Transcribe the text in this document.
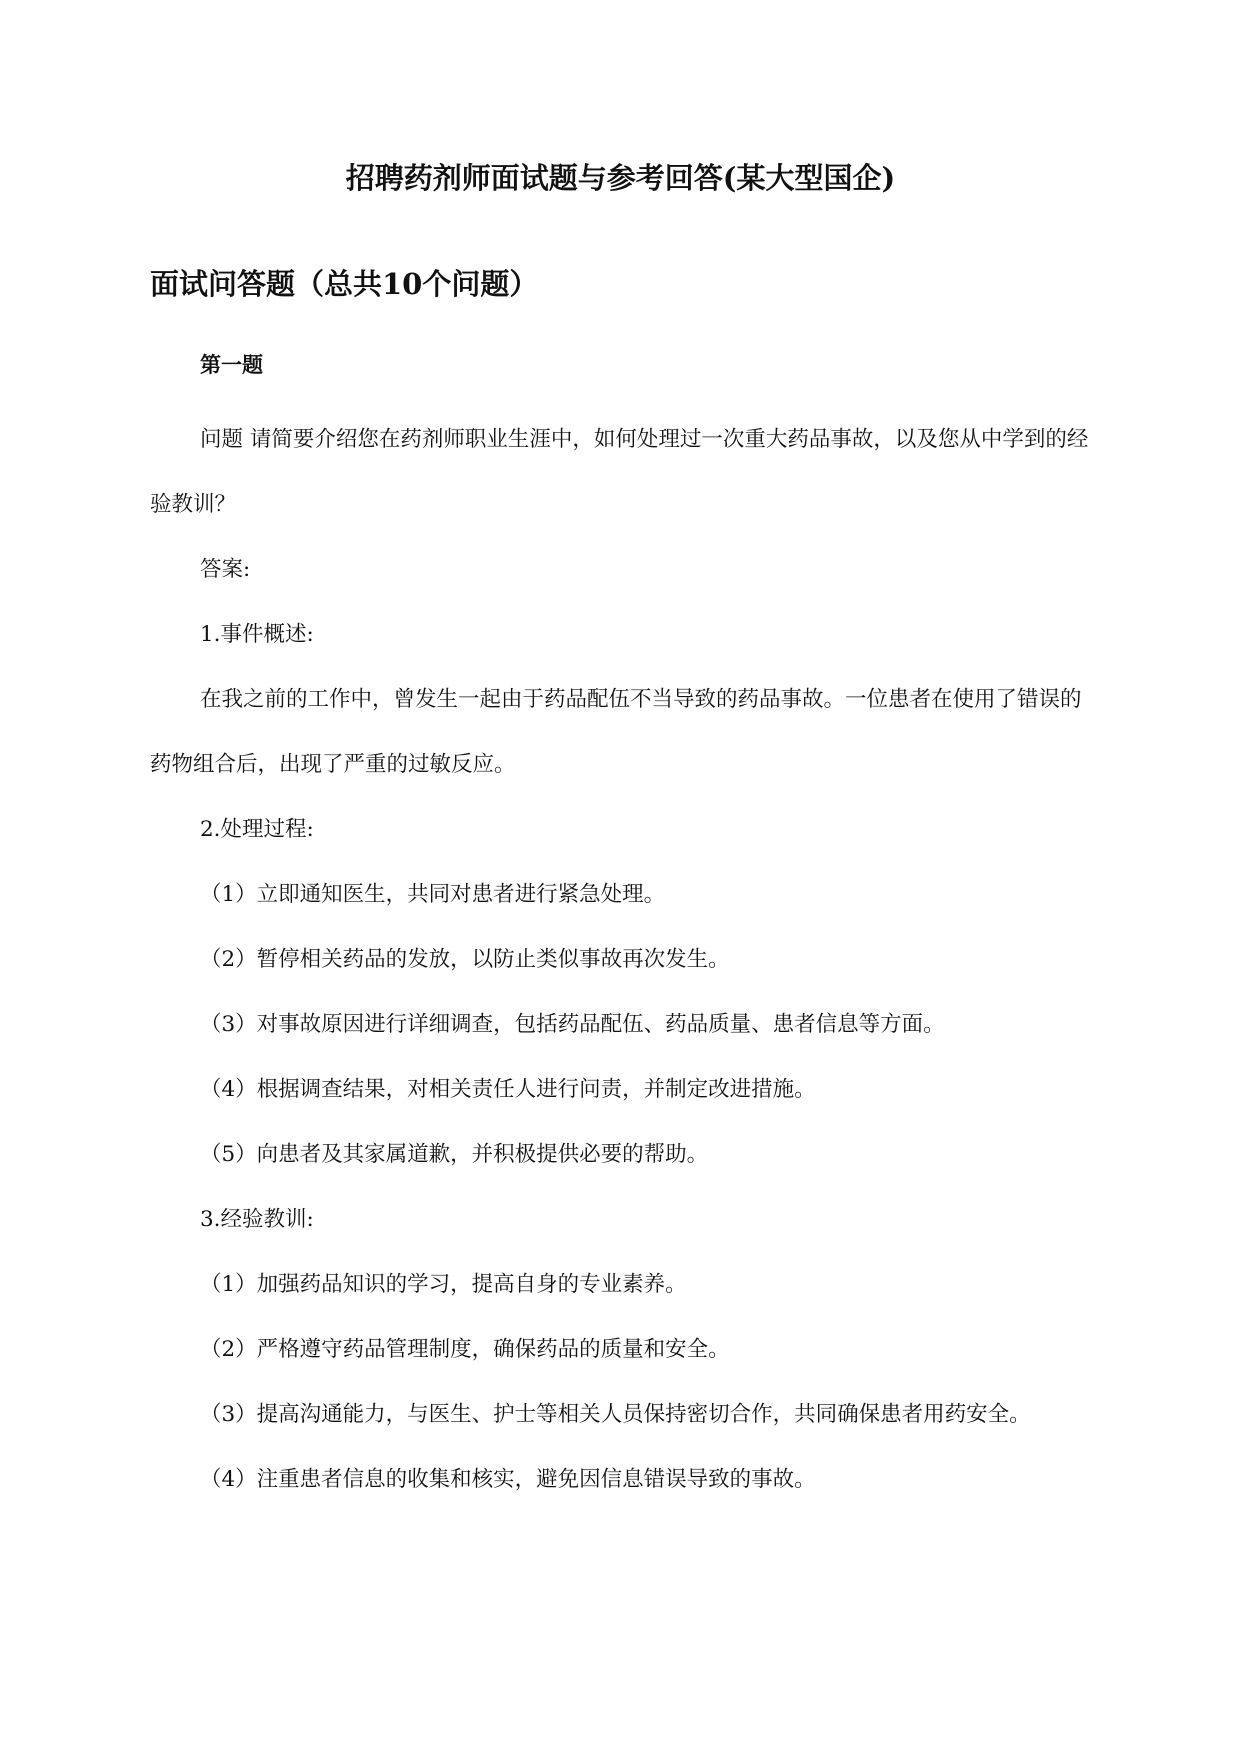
招聘药剂师面试题与参考回答(某大型国企)
面试问答题（总共10个问题）
第一题

问题 请简要介绍您在药剂师职业生涯中，如何处理过一次重大药品事故，以及您从中学到的经验教训？

答案:

1.事件概述:

在我之前的工作中，曾发生一起由于药品配伍不当导致的药品事故。一位患者在使用了错误的药物组合后，出现了严重的过敏反应。

2.处理过程:

（1）立即通知医生，共同对患者进行紧急处理。

（2）暂停相关药品的发放，以防止类似事故再次发生。

（3）对事故原因进行详细调查，包括药品配伍、药品质量、患者信息等方面。

（4）根据调查结果，对相关责任人进行问责，并制定改进措施。

（5）向患者及其家属道歉，并积极提供必要的帮助。

3.经验教训:

（1）加强药品知识的学习，提高自身的专业素养。

（2）严格遵守药品管理制度，确保药品的质量和安全。

（3）提高沟通能力，与医生、护士等相关人员保持密切合作，共同确保患者用药安全。

（4）注重患者信息的收集和核实，避免因信息错误导致的事故。
